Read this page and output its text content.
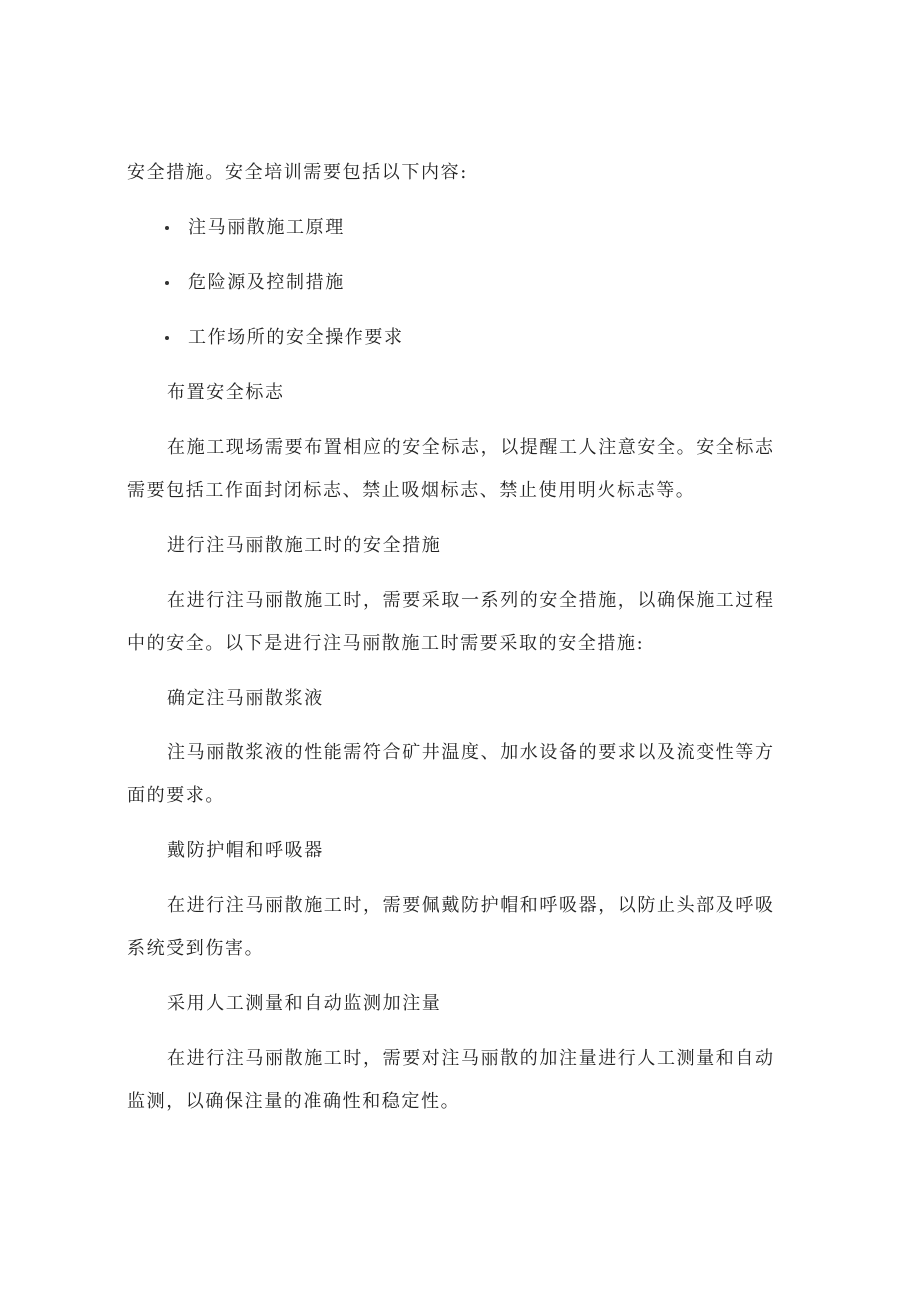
安全措施。安全培训需要包括以下内容:
注马丽散施工原理
危险源及控制措施
工作场所的安全操作要求
布置安全标志
在施工现场需要布置相应的安全标志，以提醒工人注意安全。安全标志
需要包括工作面封闭标志、禁止吸烟标志、禁止使用明火标志等。
进行注马丽散施工时的安全措施
在进行注马丽散施工时，需要采取一系列的安全措施，以确保施工过程
中的安全。以下是进行注马丽散施工时需要采取的安全措施:
确定注马丽散浆液
注马丽散浆液的性能需符合矿井温度、加水设备的要求以及流变性等方
面的要求。
戴防护帽和呼吸器
在进行注马丽散施工时，需要佩戴防护帽和呼吸器，以防止头部及呼吸
系统受到伤害。
采用人工测量和自动监测加注量
在进行注马丽散施工时，需要对注马丽散的加注量进行人工测量和自动
监测，以确保注量的准确性和稳定性。
